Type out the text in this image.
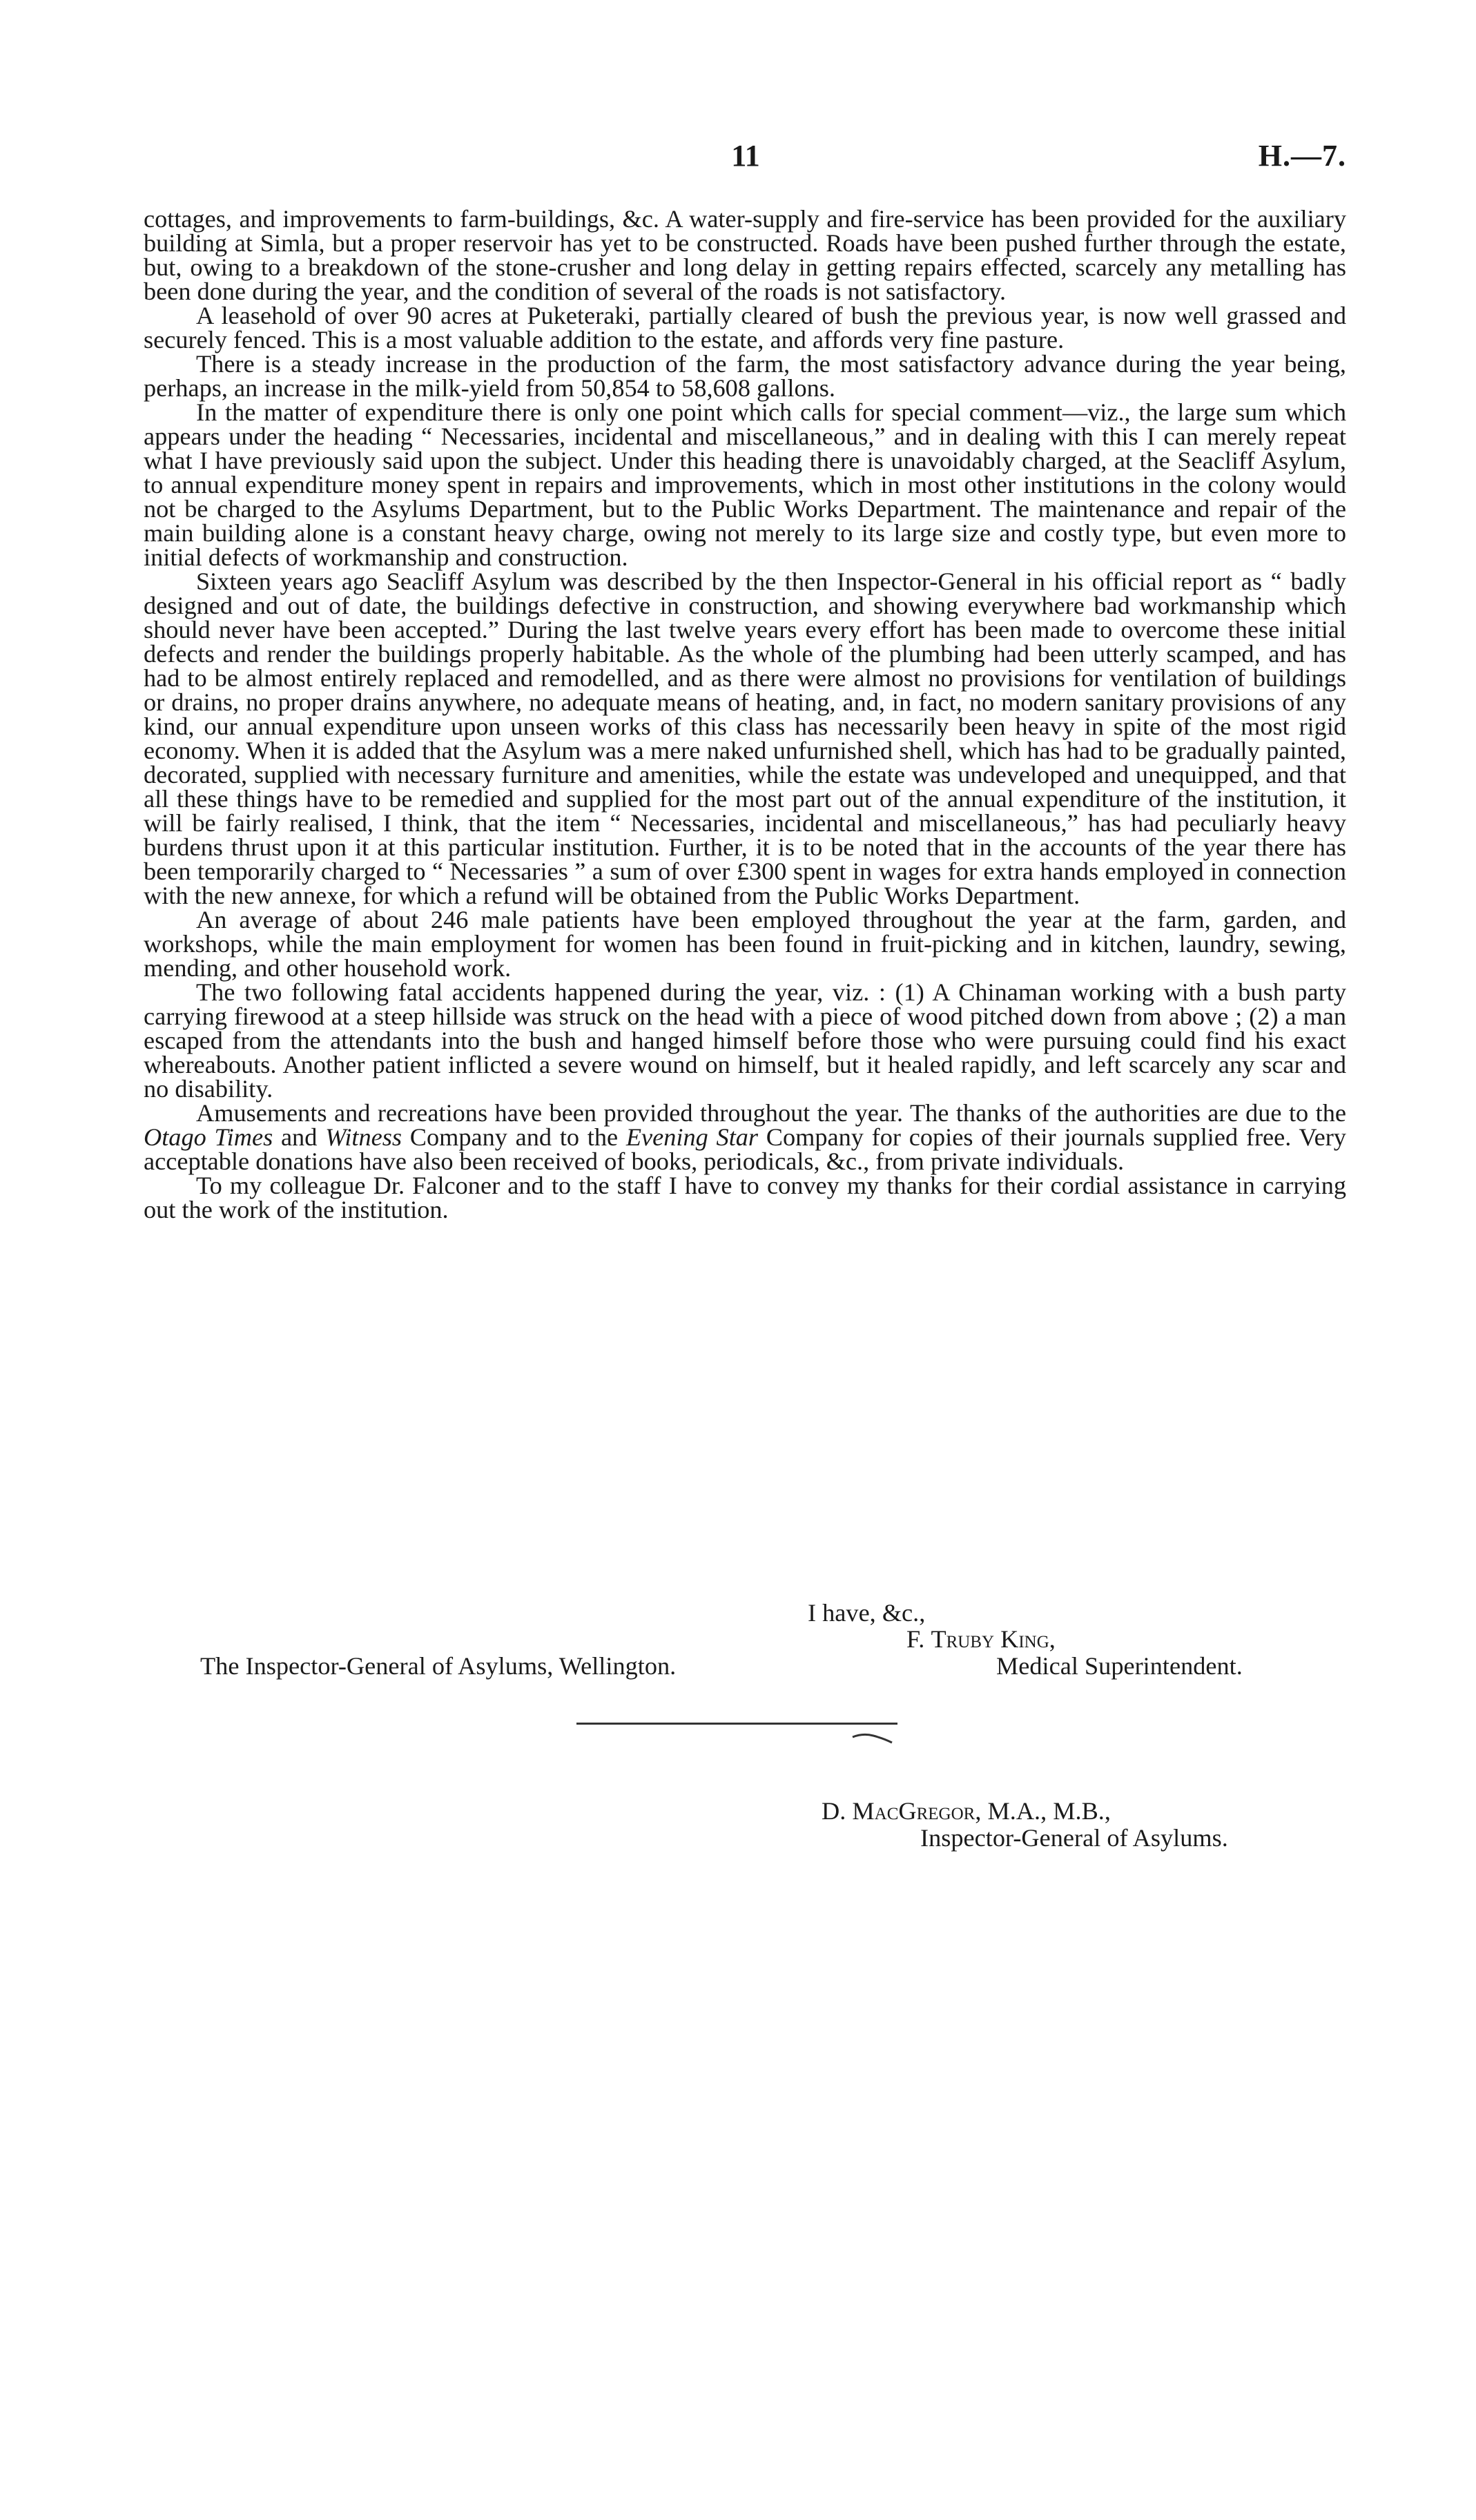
11	H.—7.

cottages, and improvements to farm-buildings, &c. A water-supply and fire-service has been provided for the auxiliary building at Simla, but a proper reservoir has yet to be constructed. Roads have been pushed further through the estate, but, owing to a breakdown of the stone-crusher and long delay in getting repairs effected, scarcely any metalling has been done during the year, and the condition of several of the roads is not satisfactory.

A leasehold of over 90 acres at Puketeraki, partially cleared of bush the previous year, is now well grassed and securely fenced. This is a most valuable addition to the estate, and affords very fine pasture.

There is a steady increase in the production of the farm, the most satisfactory advance during the year being, perhaps, an increase in the milk-yield from 50,854 to 58,608 gallons.

In the matter of expenditure there is only one point which calls for special comment—viz., the large sum which appears under the heading “ Necessaries, incidental and miscellaneous,” and in dealing with this I can merely repeat what I have previously said upon the subject. Under this heading there is unavoidably charged, at the Seacliff Asylum, to annual expenditure money spent in repairs and improvements, which in most other institutions in the colony would not be charged to the Asylums Department, but to the Public Works Department. The maintenance and repair of the main building alone is a constant heavy charge, owing not merely to its large size and costly type, but even more to initial defects of workmanship and construction.

Sixteen years ago Seacliff Asylum was described by the then Inspector-General in his official report as “ badly designed and out of date, the buildings defective in construction, and showing everywhere bad workmanship which should never have been accepted.” During the last twelve years every effort has been made to overcome these initial defects and render the buildings properly habitable. As the whole of the plumbing had been utterly scamped, and has had to be almost entirely replaced and remodelled, and as there were almost no provisions for ventilation of buildings or drains, no proper drains anywhere, no adequate means of heating, and, in fact, no modern sanitary provisions of any kind, our annual expenditure upon unseen works of this class has necessarily been heavy in spite of the most rigid economy. When it is added that the Asylum was a mere naked unfurnished shell, which has had to be gradually painted, decorated, supplied with necessary furniture and amenities, while the estate was undeveloped and unequipped, and that all these things have to be remedied and supplied for the most part out of the annual expenditure of the institution, it will be fairly realised, I think, that the item “ Necessaries, incidental and miscellaneous,” has had peculiarly heavy burdens thrust upon it at this particular institution. Further, it is to be noted that in the accounts of the year there has been temporarily charged to “ Necessaries ” a sum of over £300 spent in wages for extra hands employed in connection with the new annexe, for which a refund will be obtained from the Public Works Department.

An average of about 246 male patients have been employed throughout the year at the farm, garden, and workshops, while the main employment for women has been found in fruit-picking and in kitchen, laundry, sewing, mending, and other household work.

The two following fatal accidents happened during the year, viz. : (1) A Chinaman working with a bush party carrying firewood at a steep hillside was struck on the head with a piece of wood pitched down from above ; (2) a man escaped from the attendants into the bush and hanged himself before those who were pursuing could find his exact whereabouts. Another patient inflicted a severe wound on himself, but it healed rapidly, and left scarcely any scar and no disability.

Amusements and recreations have been provided throughout the year. The thanks of the authorities are due to the Otago Times and Witness Company and to the Evening Star Company for copies of their journals supplied free. Very acceptable donations have also been received of books, periodicals, &c., from private individuals.

To my colleague Dr. Falconer and to the staff I have to convey my thanks for their cordial assistance in carrying out the work of the institution.

I have, &c.,
F. Truby King,
The Inspector-General of Asylums, Wellington.	Medical Superintendent.
D. MacGregor, M.A., M.B.,
Inspector-General of Asylums.
